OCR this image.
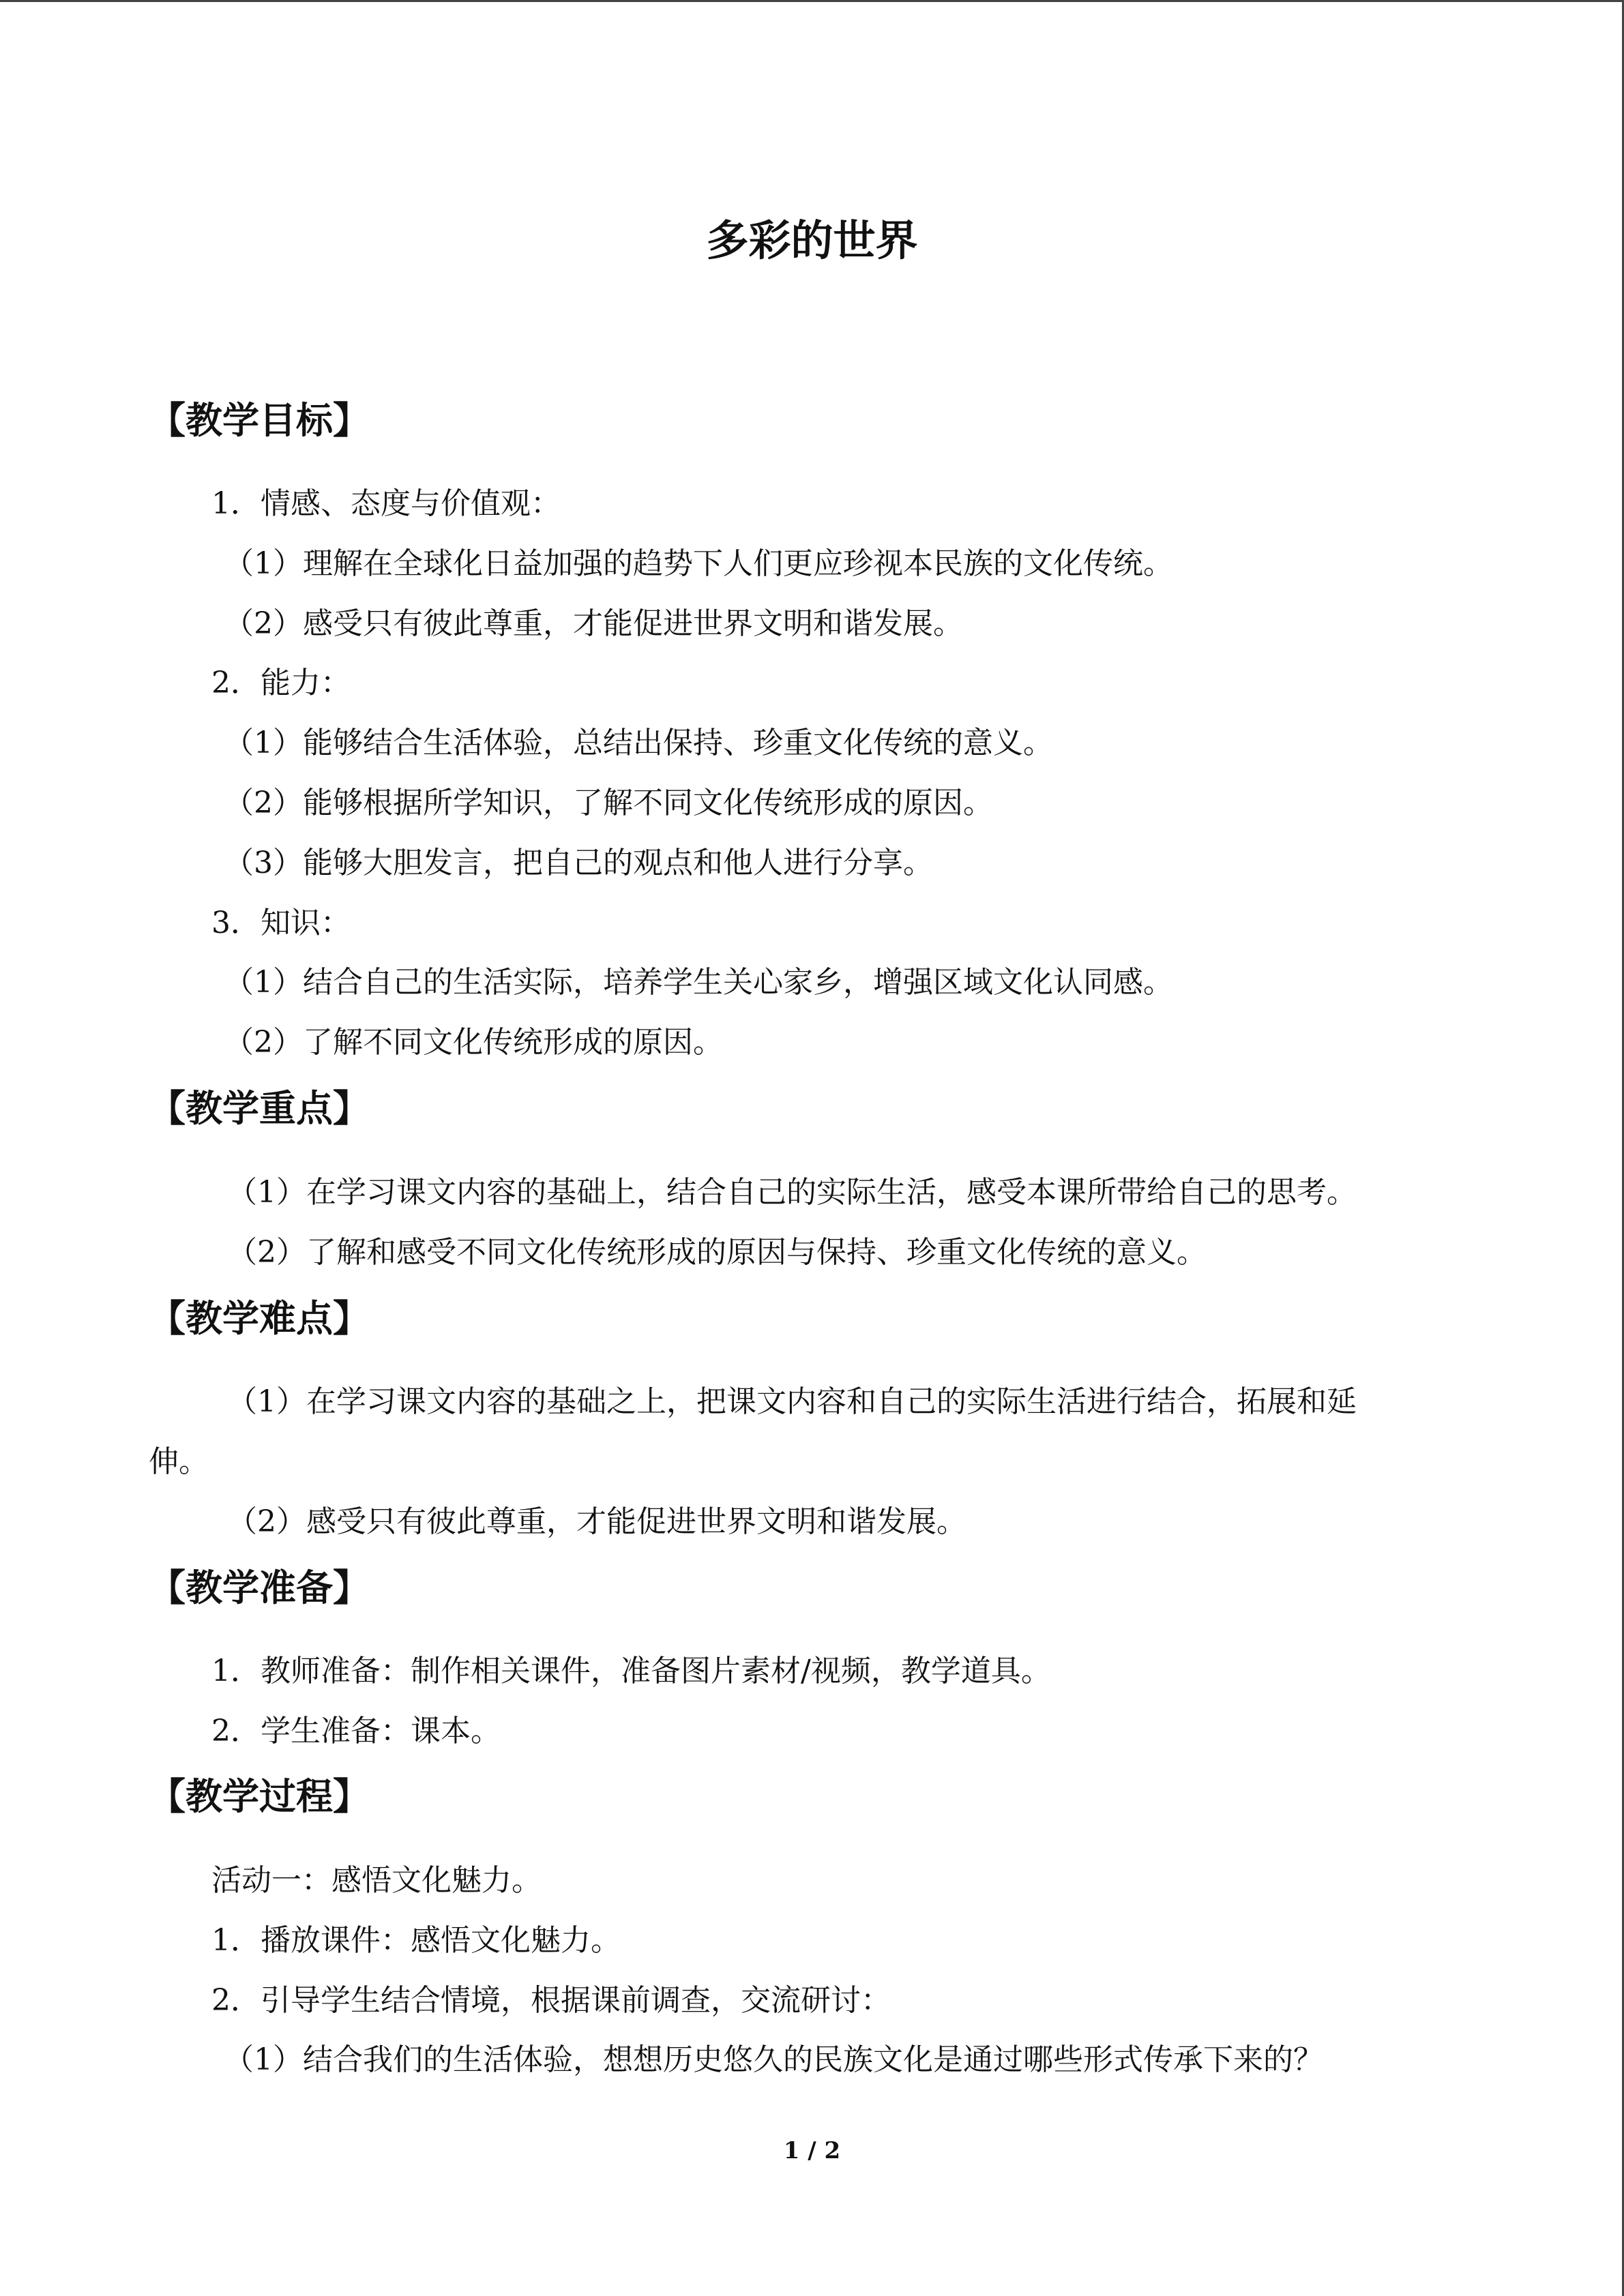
多彩的世界
【教学目标】
1．情感、态度与价值观：
（1）理解在全球化日益加强的趋势下人们更应珍视本民族的文化传统。
（2）感受只有彼此尊重，才能促进世界文明和谐发展。
2．能力：
（1）能够结合生活体验，总结出保持、珍重文化传统的意义。
（2）能够根据所学知识，了解不同文化传统形成的原因。
（3）能够大胆发言，把自己的观点和他人进行分享。
3．知识：
（1）结合自己的生活实际，培养学生关心家乡，增强区域文化认同感。
（2）了解不同文化传统形成的原因。
【教学重点】
（1）在学习课文内容的基础上，结合自己的实际生活，感受本课所带给自己的思考。
（2）了解和感受不同文化传统形成的原因与保持、珍重文化传统的意义。
【教学难点】
（1）在学习课文内容的基础之上，把课文内容和自己的实际生活进行结合，拓展和延
伸。
（2）感受只有彼此尊重，才能促进世界文明和谐发展。
【教学准备】
1．教师准备：制作相关课件，准备图片素材/视频，教学道具。
2．学生准备：课本。
【教学过程】
活动一：感悟文化魅力。
1．播放课件：感悟文化魅力。
2．引导学生结合情境，根据课前调查，交流研讨：
（1）结合我们的生活体验，想想历史悠久的民族文化是通过哪些形式传承下来的？
1 / 2
